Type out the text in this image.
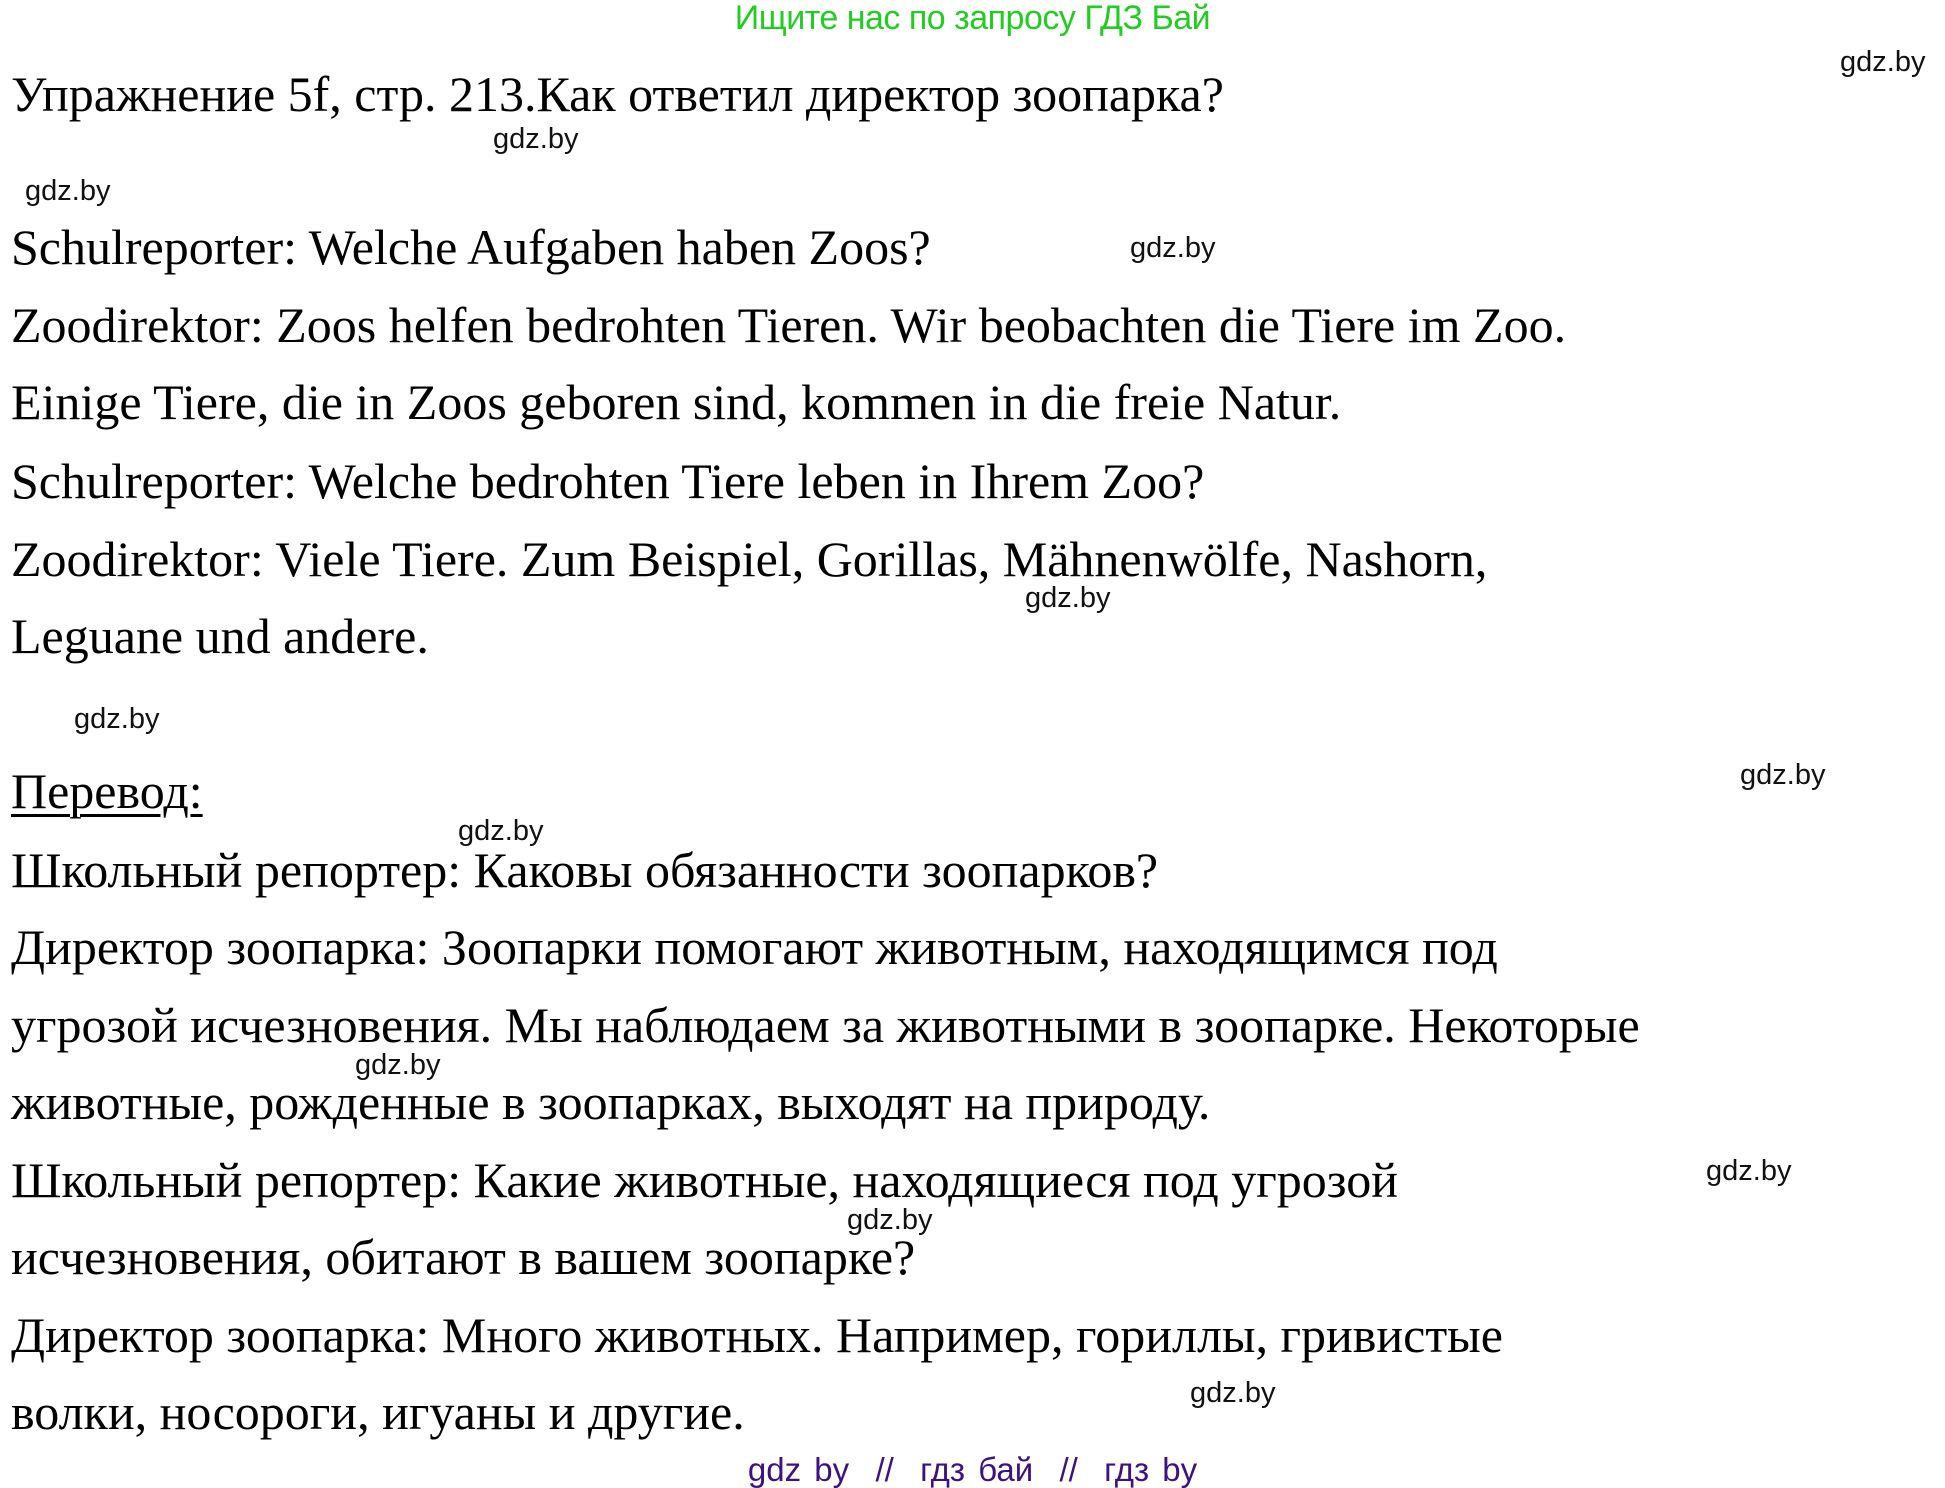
Ищите нас по запросу ГДЗ Бай
Упражнение 5f, стр. 213.Как ответил директор зоопарка?
Schulreporter: Welche Aufgaben haben Zoos?
Zoodirektor: Zoos helfen bedrohten Tieren. Wir beobachten die Tiere im Zoo.
Einige Tiere, die in Zoos geboren sind, kommen in die freie Natur.
Schulreporter: Welche bedrohten Tiere leben in Ihrem Zoo?
Zoodirektor: Viele Tiere. Zum Beispiel, Gorillas, Mähnenwölfe, Nashorn,
Leguane und andere.
Перевод:
Школьный репортер: Каковы обязанности зоопарков?
Директор зоопарка: Зоопарки помогают животным, находящимся под
угрозой исчезновения. Мы наблюдаем за животными в зоопарке. Некоторые
животные, рожденные в зоопарках, выходят на природу.
Школьный репортер: Какие животные, находящиеся под угрозой
исчезновения, обитают в вашем зоопарке?
Директор зоопарка: Много животных. Например, гориллы, гривистые
волки, носороги, игуаны и другие.
gdz.by
gdz.by
gdz.by
gdz.by
gdz.by
gdz.by
gdz.by
gdz.by
gdz.by
gdz.by
gdz.by
gdz.by
gdz by  //  гдз бай  //  гдз by
